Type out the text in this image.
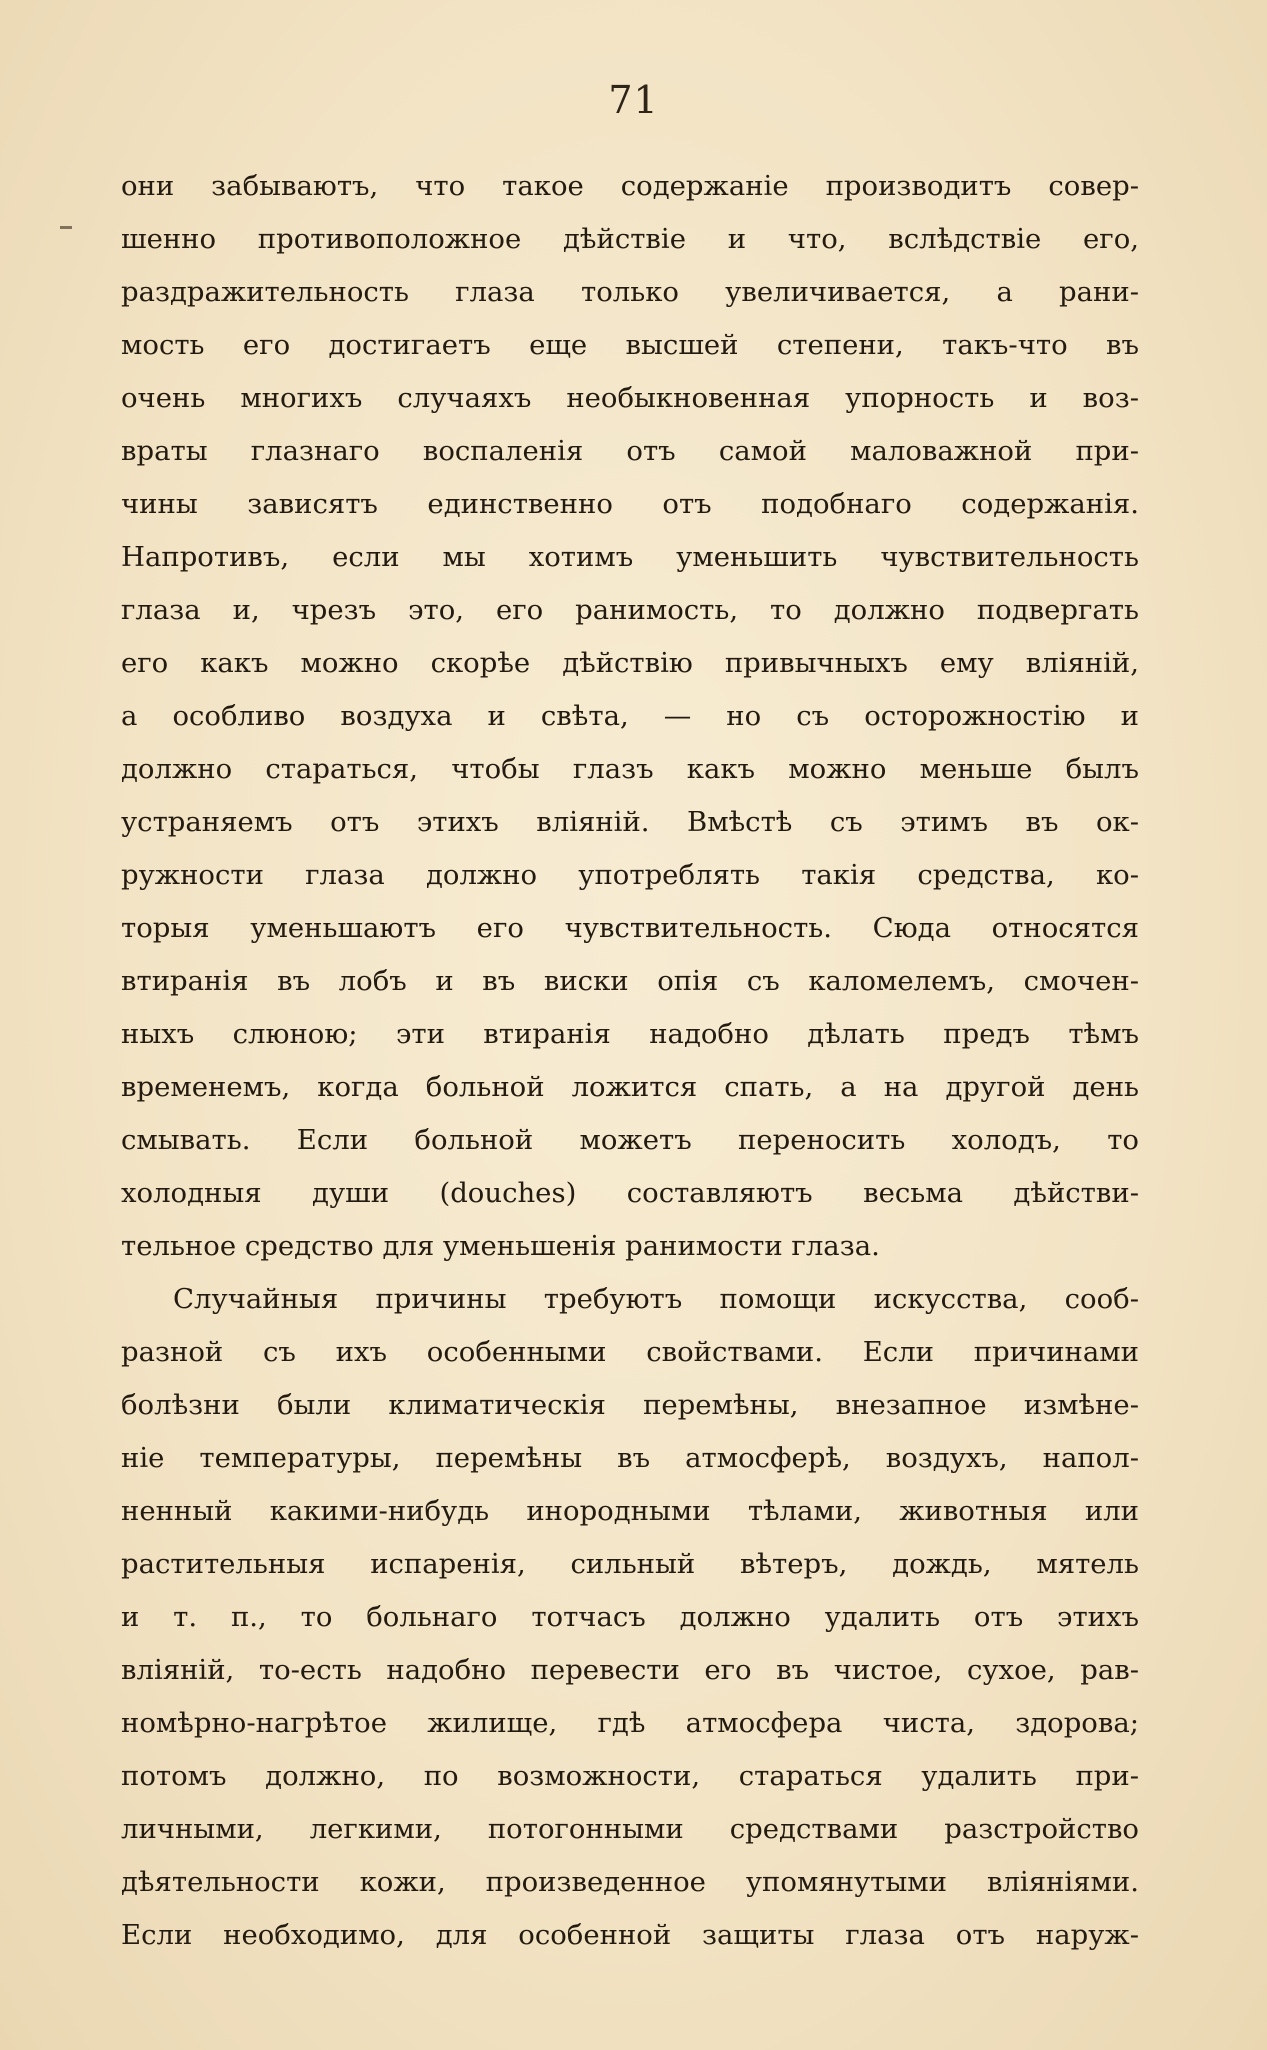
71
они забываютъ, что такое содержаніе производитъ совер-
шенно противоположное дѣйствіе и что, вслѣдствіе его,
раздражительность глаза только увеличивается, а рани-
мость его достигаетъ еще высшей степени, такъ-что въ
очень многихъ случаяхъ необыкновенная упорность и воз-
враты глазнаго воспаленія отъ самой маловажной при-
чины зависятъ единственно отъ подобнаго содержанія.
Напротивъ, если мы хотимъ уменьшить чувствительность
глаза и, чрезъ это, его ранимость, то должно подвергать
его какъ можно скорѣе дѣйствію привычныхъ ему вліяній,
а особливо воздуха и свѣта, — но съ осторожностію и
должно стараться, чтобы глазъ какъ можно меньше былъ
устраняемъ отъ этихъ вліяній. Вмѣстѣ съ этимъ въ ок-
ружности глаза должно употреблять такія средства, ко-
торыя уменьшаютъ его чувствительность. Сюда относятся
втиранія въ лобъ и въ виски опія съ каломелемъ, смочен-
ныхъ слюною; эти втиранія надобно дѣлать предъ тѣмъ
временемъ, когда больной ложится спать, а на другой день
смывать. Если больной можетъ переносить холодъ, то
холодныя души (douches) составляютъ весьма дѣйстви-
тельное средство для уменьшенія ранимости глаза.
Случайныя причины требуютъ помощи искусства, сооб-
разной съ ихъ особенными свойствами. Если причинами
болѣзни были климатическія перемѣны, внезапное измѣне-
ніе температуры, перемѣны въ атмосферѣ, воздухъ, напол-
ненный какими-нибудь инородными тѣлами, животныя или
растительныя испаренія, сильный вѣтеръ, дождь, мятель
и т. п., то больнаго тотчасъ должно удалить отъ этихъ
вліяній, то-есть надобно перевести его въ чистое, сухое, рав-
номѣрно-нагрѣтое жилище, гдѣ атмосфера чиста, здорова;
потомъ должно, по возможности, стараться удалить при-
личными, легкими, потогонными средствами разстройство
дѣятельности кожи, произведенное упомянутыми вліяніями.
Если необходимо, для особенной защиты глаза отъ наруж-
